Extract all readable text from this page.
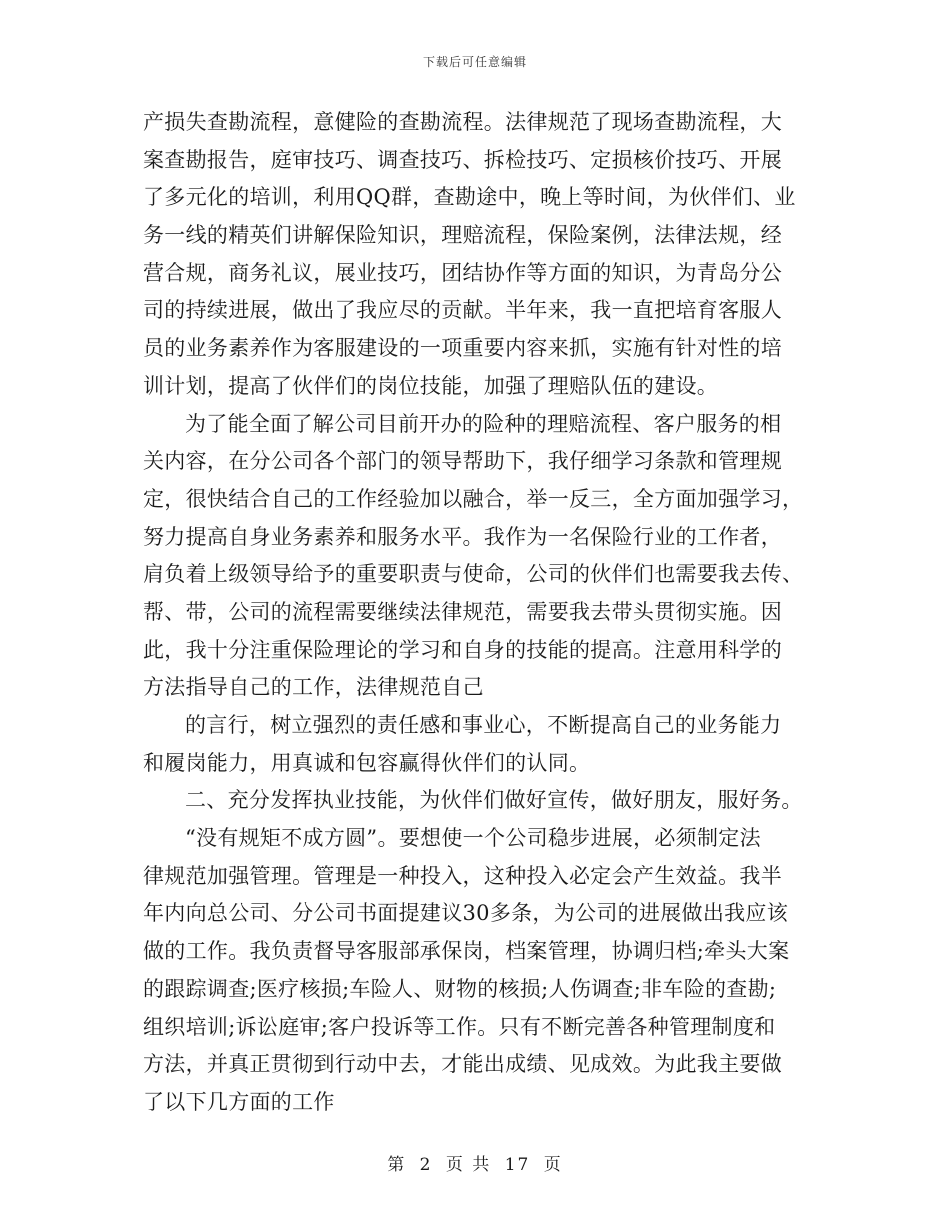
下载后可任意编辑
产损失查勘流程，意健险的查勘流程。法律规范了现场查勘流程，大
案查勘报告，庭审技巧、调查技巧、拆检技巧、定损核价技巧、开展
了多元化的培训，利用QQ群，查勘途中，晚上等时间，为伙伴们、业
务一线的精英们讲解保险知识，理赔流程，保险案例，法律法规，经
营合规，商务礼议，展业技巧，团结协作等方面的知识，为青岛分公
司的持续进展，做出了我应尽的贡献。半年来，我一直把培育客服人
员的业务素养作为客服建设的一项重要内容来抓，实施有针对性的培
训计划，提高了伙伴们的岗位技能，加强了理赔队伍的建设。
为了能全面了解公司目前开办的险种的理赔流程、客户服务的相
关内容，在分公司各个部门的领导帮助下，我仔细学习条款和管理规
定，很快结合自己的工作经验加以融合，举一反三，全方面加强学习，
努力提高自身业务素养和服务水平。我作为一名保险行业的工作者，
肩负着上级领导给予的重要职责与使命，公司的伙伴们也需要我去传、
帮、带，公司的流程需要继续法律规范，需要我去带头贯彻实施。因
此，我十分注重保险理论的学习和自身的技能的提高。注意用科学的
方法指导自己的工作，法律规范自己
的言行，树立强烈的责任感和事业心，不断提高自己的业务能力
和履岗能力，用真诚和包容赢得伙伴们的认同。
二、充分发挥执业技能，为伙伴们做好宣传，做好朋友，服好务。
“没有规矩不成方圆”。要想使一个公司稳步进展，必须制定法
律规范加强管理。管理是一种投入，这种投入必定会产生效益。我半
年内向总公司、分公司书面提建议30多条，为公司的进展做出我应该
做的工作。我负责督导客服部承保岗，档案管理，协调归档;牵头大案
的跟踪调查;医疗核损;车险人、财物的核损;人伤调查;非车险的查勘;
组织培训;诉讼庭审;客户投诉等工作。只有不断完善各种管理制度和
方法，并真正贯彻到行动中去，才能出成绩、见成效。为此我主要做
了以下几方面的工作
第 2 页 共 17 页
